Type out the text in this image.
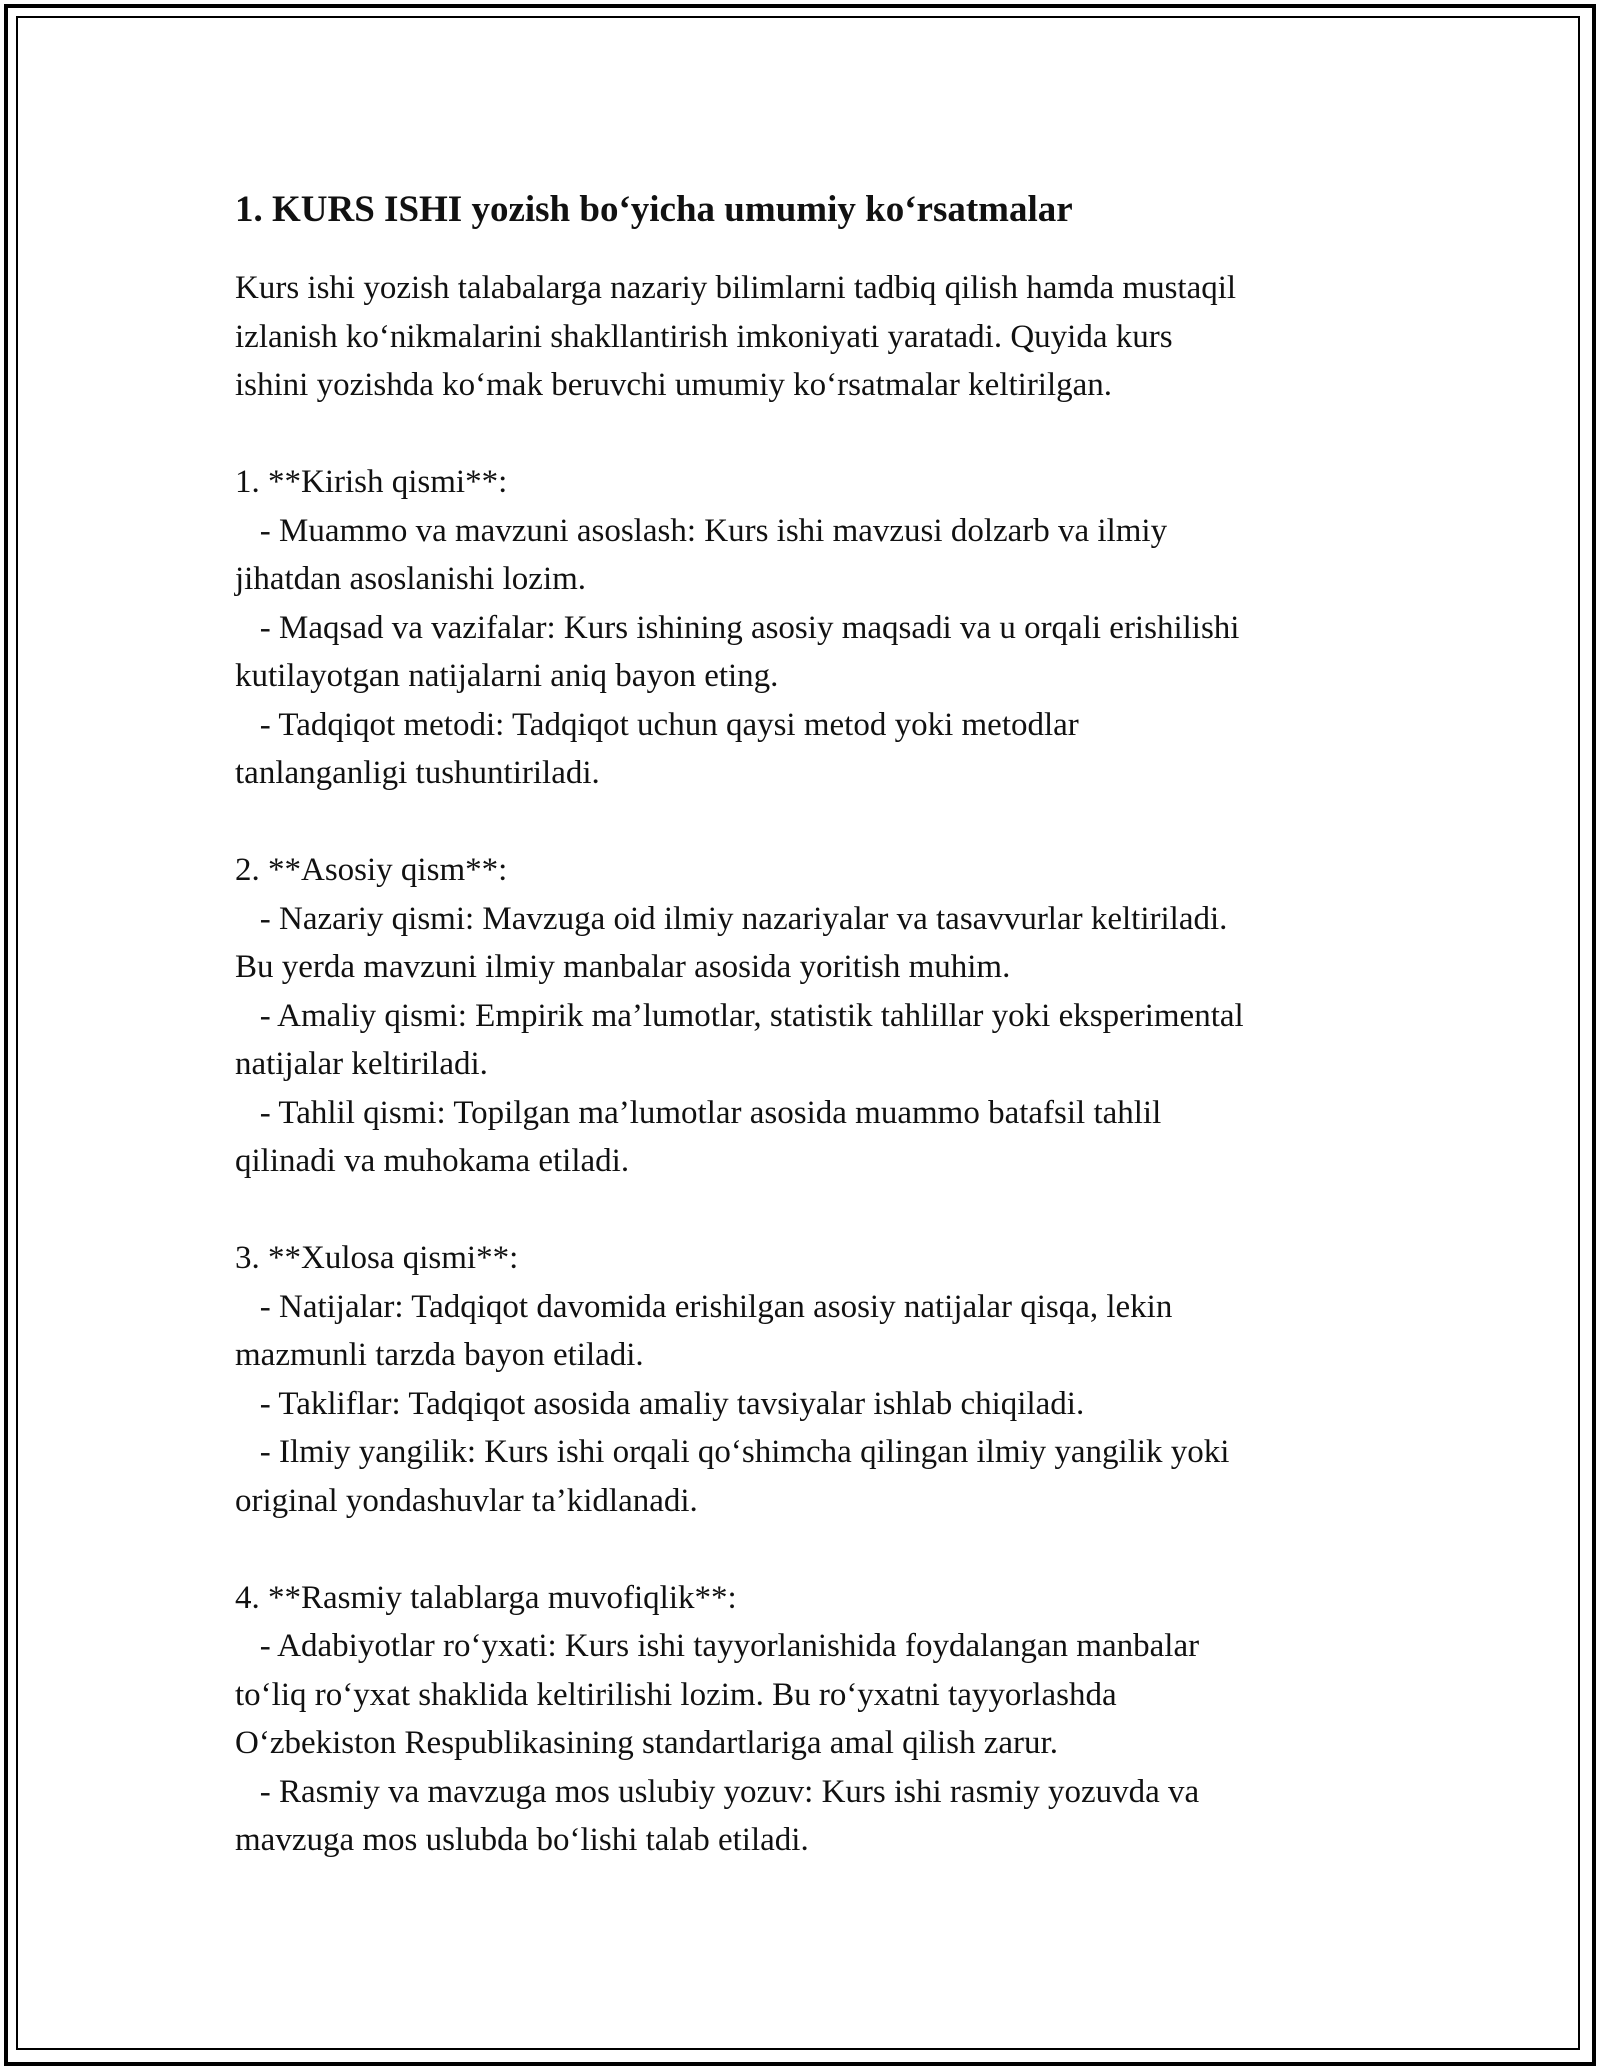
1. KURS ISHI yozish bo‘yicha umumiy ko‘rsatmalar

Kurs ishi yozish talabalarga nazariy bilimlarni tadbiq qilish hamda mustaqil
izlanish ko‘nikmalarini shakllantirish imkoniyati yaratadi. Quyida kurs
ishini yozishda ko‘mak beruvchi umumiy ko‘rsatmalar keltirilgan.

1. **Kirish qismi**:
- Muammo va mavzuni asoslash: Kurs ishi mavzusi dolzarb va ilmiy
jihatdan asoslanishi lozim.
- Maqsad va vazifalar: Kurs ishining asosiy maqsadi va u orqali erishilishi
kutilayotgan natijalarni aniq bayon eting.
- Tadqiqot metodi: Tadqiqot uchun qaysi metod yoki metodlar
tanlanganligi tushuntiriladi.

2. **Asosiy qism**:
- Nazariy qismi: Mavzuga oid ilmiy nazariyalar va tasavvurlar keltiriladi.
Bu yerda mavzuni ilmiy manbalar asosida yoritish muhim.
- Amaliy qismi: Empirik ma’lumotlar, statistik tahlillar yoki eksperimental
natijalar keltiriladi.
- Tahlil qismi: Topilgan ma’lumotlar asosida muammo batafsil tahlil
qilinadi va muhokama etiladi.

3. **Xulosa qismi**:
- Natijalar: Tadqiqot davomida erishilgan asosiy natijalar qisqa, lekin
mazmunli tarzda bayon etiladi.
- Takliflar: Tadqiqot asosida amaliy tavsiyalar ishlab chiqiladi.
- Ilmiy yangilik: Kurs ishi orqali qo‘shimcha qilingan ilmiy yangilik yoki
original yondashuvlar ta’kidlanadi.

4. **Rasmiy talablarga muvofiqlik**:
- Adabiyotlar ro‘yxati: Kurs ishi tayyorlanishida foydalangan manbalar
to‘liq ro‘yxat shaklida keltirilishi lozim. Bu ro‘yxatni tayyorlashda
O‘zbekiston Respublikasining standartlariga amal qilish zarur.
- Rasmiy va mavzuga mos uslubiy yozuv: Kurs ishi rasmiy yozuvda va
mavzuga mos uslubda bo‘lishi talab etiladi.
